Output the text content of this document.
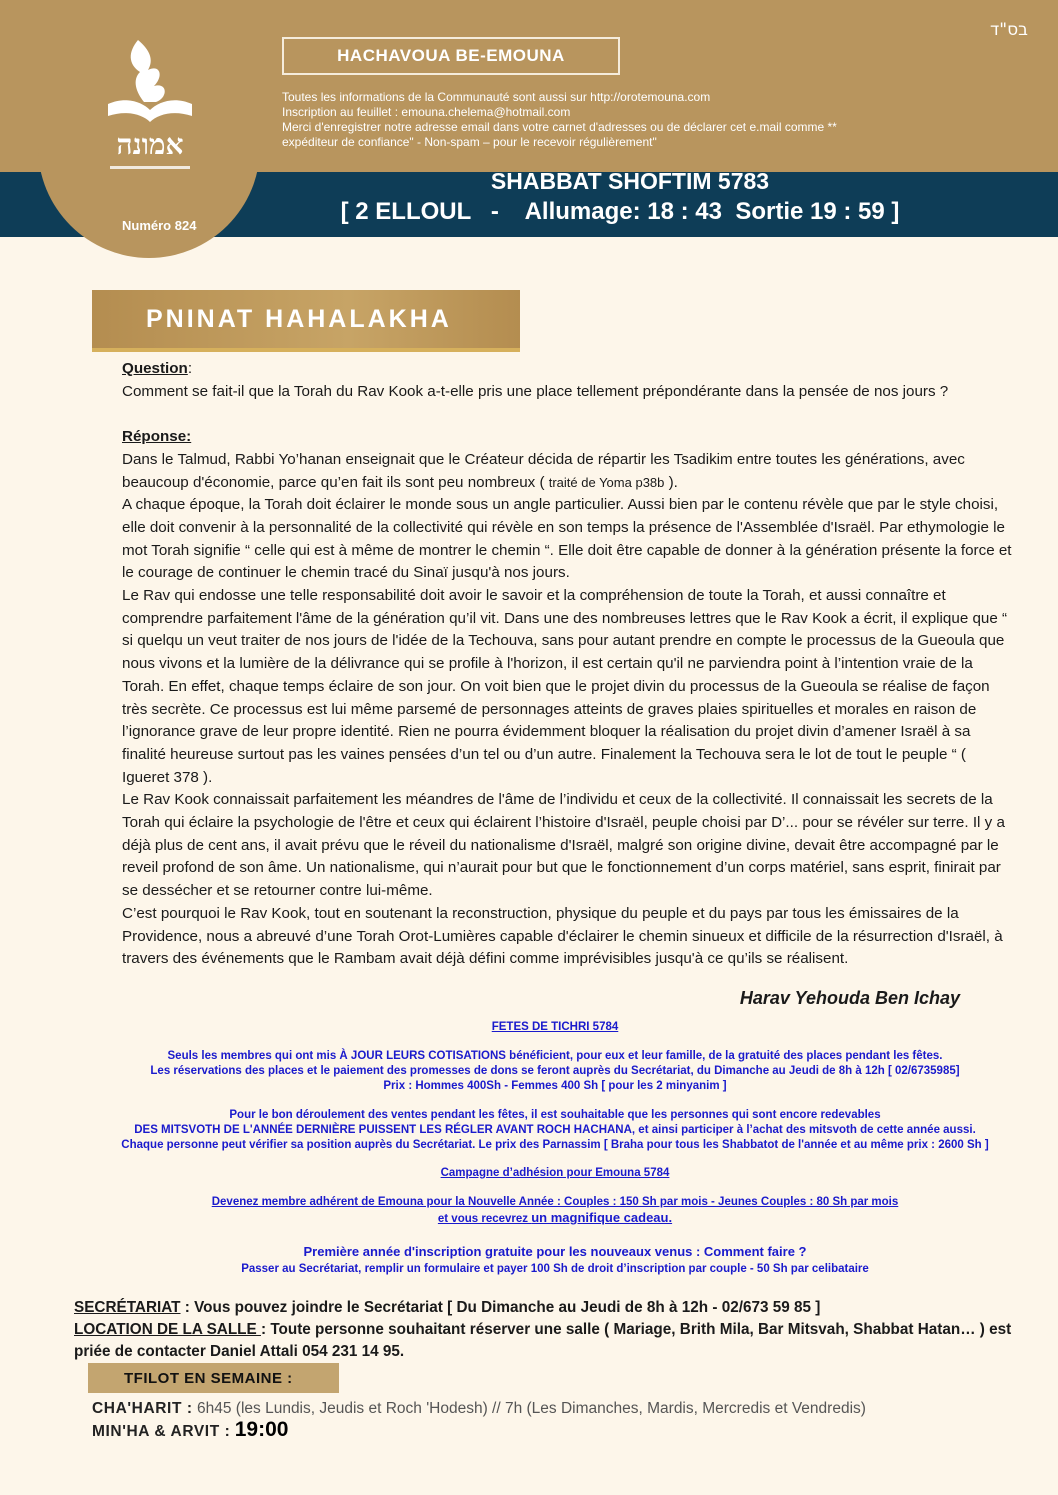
אמונה
Numéro 824
בס"ד
HACHAVOUA BE-EMOUNA
Toutes les informations de la Communauté sont aussi sur http://orotemouna.com
Inscription au feuillet : emouna.chelema@hotmail.com
Merci d'enregistrer notre adresse email dans votre carnet d'adresses ou de déclarer cet e.mail comme **
expéditeur de confiance" - Non-spam – pour le recevoir régulièrement"
SHABBAT SHOFTIM 5783
[ 2 ELLOUL   -    Allumage: 18 : 43  Sortie 19 : 59 ]
PNINAT HAHALAKHA

Question:

Comment se fait-il que la Torah du Rav Kook a-t-elle pris une place tellement prépondérante dans la pensée de nos jours ?

Réponse:

Dans le Talmud, Rabbi Yo’hanan enseignait que le Créateur décida de répartir les Tsadikim entre toutes les générations, avec beaucoup d'économie, parce qu’en fait ils sont peu nombreux ( traité de Yoma p38b ).

A chaque époque, la Torah doit éclairer le monde sous un angle particulier. Aussi bien par le contenu révèle que par le style choisi, elle doit convenir à la personnalité de la collectivité qui révèle en son temps la présence de l'Assemblée d'Israël. Par ethymologie le mot Torah signifie “ celle qui est à même de montrer le chemin “. Elle doit être capable de donner à la génération présente la force et le courage de continuer le chemin tracé du Sinaï jusqu'à nos jours.

Le Rav qui endosse une telle responsabilité doit avoir le savoir et la compréhension de toute la Torah, et aussi connaître et comprendre parfaitement l'âme de la génération qu’il vit. Dans une des nombreuses lettres que le Rav Kook a écrit, il explique que “ si quelqu un veut traiter de nos jours de l'idée de la Techouva, sans pour autant prendre en compte le processus de la Gueoula que nous vivons et la lumière de la délivrance qui se profile à l'horizon, il est certain qu'il ne parviendra point à l’intention vraie de la Torah. En effet, chaque temps éclaire de son jour. On voit bien que le projet divin du processus de la Gueoula se réalise de façon très secrète. Ce processus est lui même parsemé de personnages atteints de graves plaies spirituelles et morales en raison de l’ignorance grave de leur propre identité. Rien ne pourra évidemment bloquer la réalisation du projet divin d’amener Israël à sa finalité heureuse surtout pas les vaines pensées d’un tel ou d’un autre. Finalement la Techouva sera le lot de tout le peuple “ ( Igueret 378 ).

Le Rav Kook connaissait parfaitement les méandres de l'âme de l’individu et ceux de la collectivité. Il connaissait les secrets de la Torah qui éclaire la psychologie de l'être et ceux qui éclairent l’histoire d'Israël, peuple choisi par D’... pour se révéler sur terre. Il y a déjà plus de cent ans, il avait prévu que le réveil du nationalisme d'Israël, malgré son origine divine, devait être accompagné par le reveil profond de son âme. Un nationalisme, qui n’aurait pour but que le fonctionnement d’un corps matériel, sans esprit, finirait par se dessécher et se retourner contre lui-même.

C’est pourquoi le Rav Kook, tout en soutenant la reconstruction, physique du peuple et du pays par tous les émissaires de la Providence, nous a abreuvé d’une Torah Orot-Lumières capable d'éclairer le chemin sinueux et difficile de la résurrection d'Israël, à travers des événements que le Rambam avait déjà défini comme imprévisibles jusqu'à ce qu’ils se réalisent.

Harav Yehouda Ben Ichay
FETES DE TICHRI 5784
Seuls les membres qui ont mis À JOUR LEURS COTISATIONS bénéficient, pour eux et leur famille, de la gratuité des places pendant les fêtes.
Les réservations des places et le paiement des promesses de dons se feront auprès du Secrétariat, du Dimanche au Jeudi de 8h à 12h [ 02/6735985]
Prix : Hommes 400Sh - Femmes 400 Sh [ pour les 2 minyanim ]
Pour le bon déroulement des ventes pendant les fêtes, il est souhaitable que les personnes qui sont encore redevables
DES MITSVOTH DE L'ANNÉE DERNIÈRE PUISSENT LES RÉGLER AVANT ROCH HACHANA, et ainsi participer à l’achat des mitsvoth de cette année aussi.
Chaque personne peut vérifier sa position auprès du Secrétariat. Le prix des Parnassim [ Braha pour tous les Shabbatot de l'année et au même prix : 2600 Sh ]
Campagne d’adhésion pour Emouna 5784
Devenez membre adhérent de Emouna pour la Nouvelle Année : Couples : 150 Sh par mois - Jeunes Couples : 80 Sh par mois
et vous recevrez un magnifique cadeau.
Première année d'inscription gratuite pour les nouveaux venus : Comment faire ?
Passer au Secrétariat, remplir un formulaire et payer 100 Sh de droit d’inscription par couple - 50 Sh par celibataire
SECRÉTARIAT : Vous pouvez joindre le Secrétariat [ Du Dimanche au Jeudi de 8h à 12h - 02/673 59 85 ]
LOCATION DE LA SALLE : Toute personne souhaitant réserver une salle ( Mariage, Brith Mila, Bar Mitsvah, Shabbat Hatan… ) est priée de contacter Daniel Attali 054 231 14 95.
TFILOT EN SEMAINE :
CHA'HARIT : 6h45 (les Lundis, Jeudis et Roch 'Hodesh) // 7h (Les Dimanches, Mardis, Mercredis et Vendredis)
MIN'HA & ARVIT : 19:00
